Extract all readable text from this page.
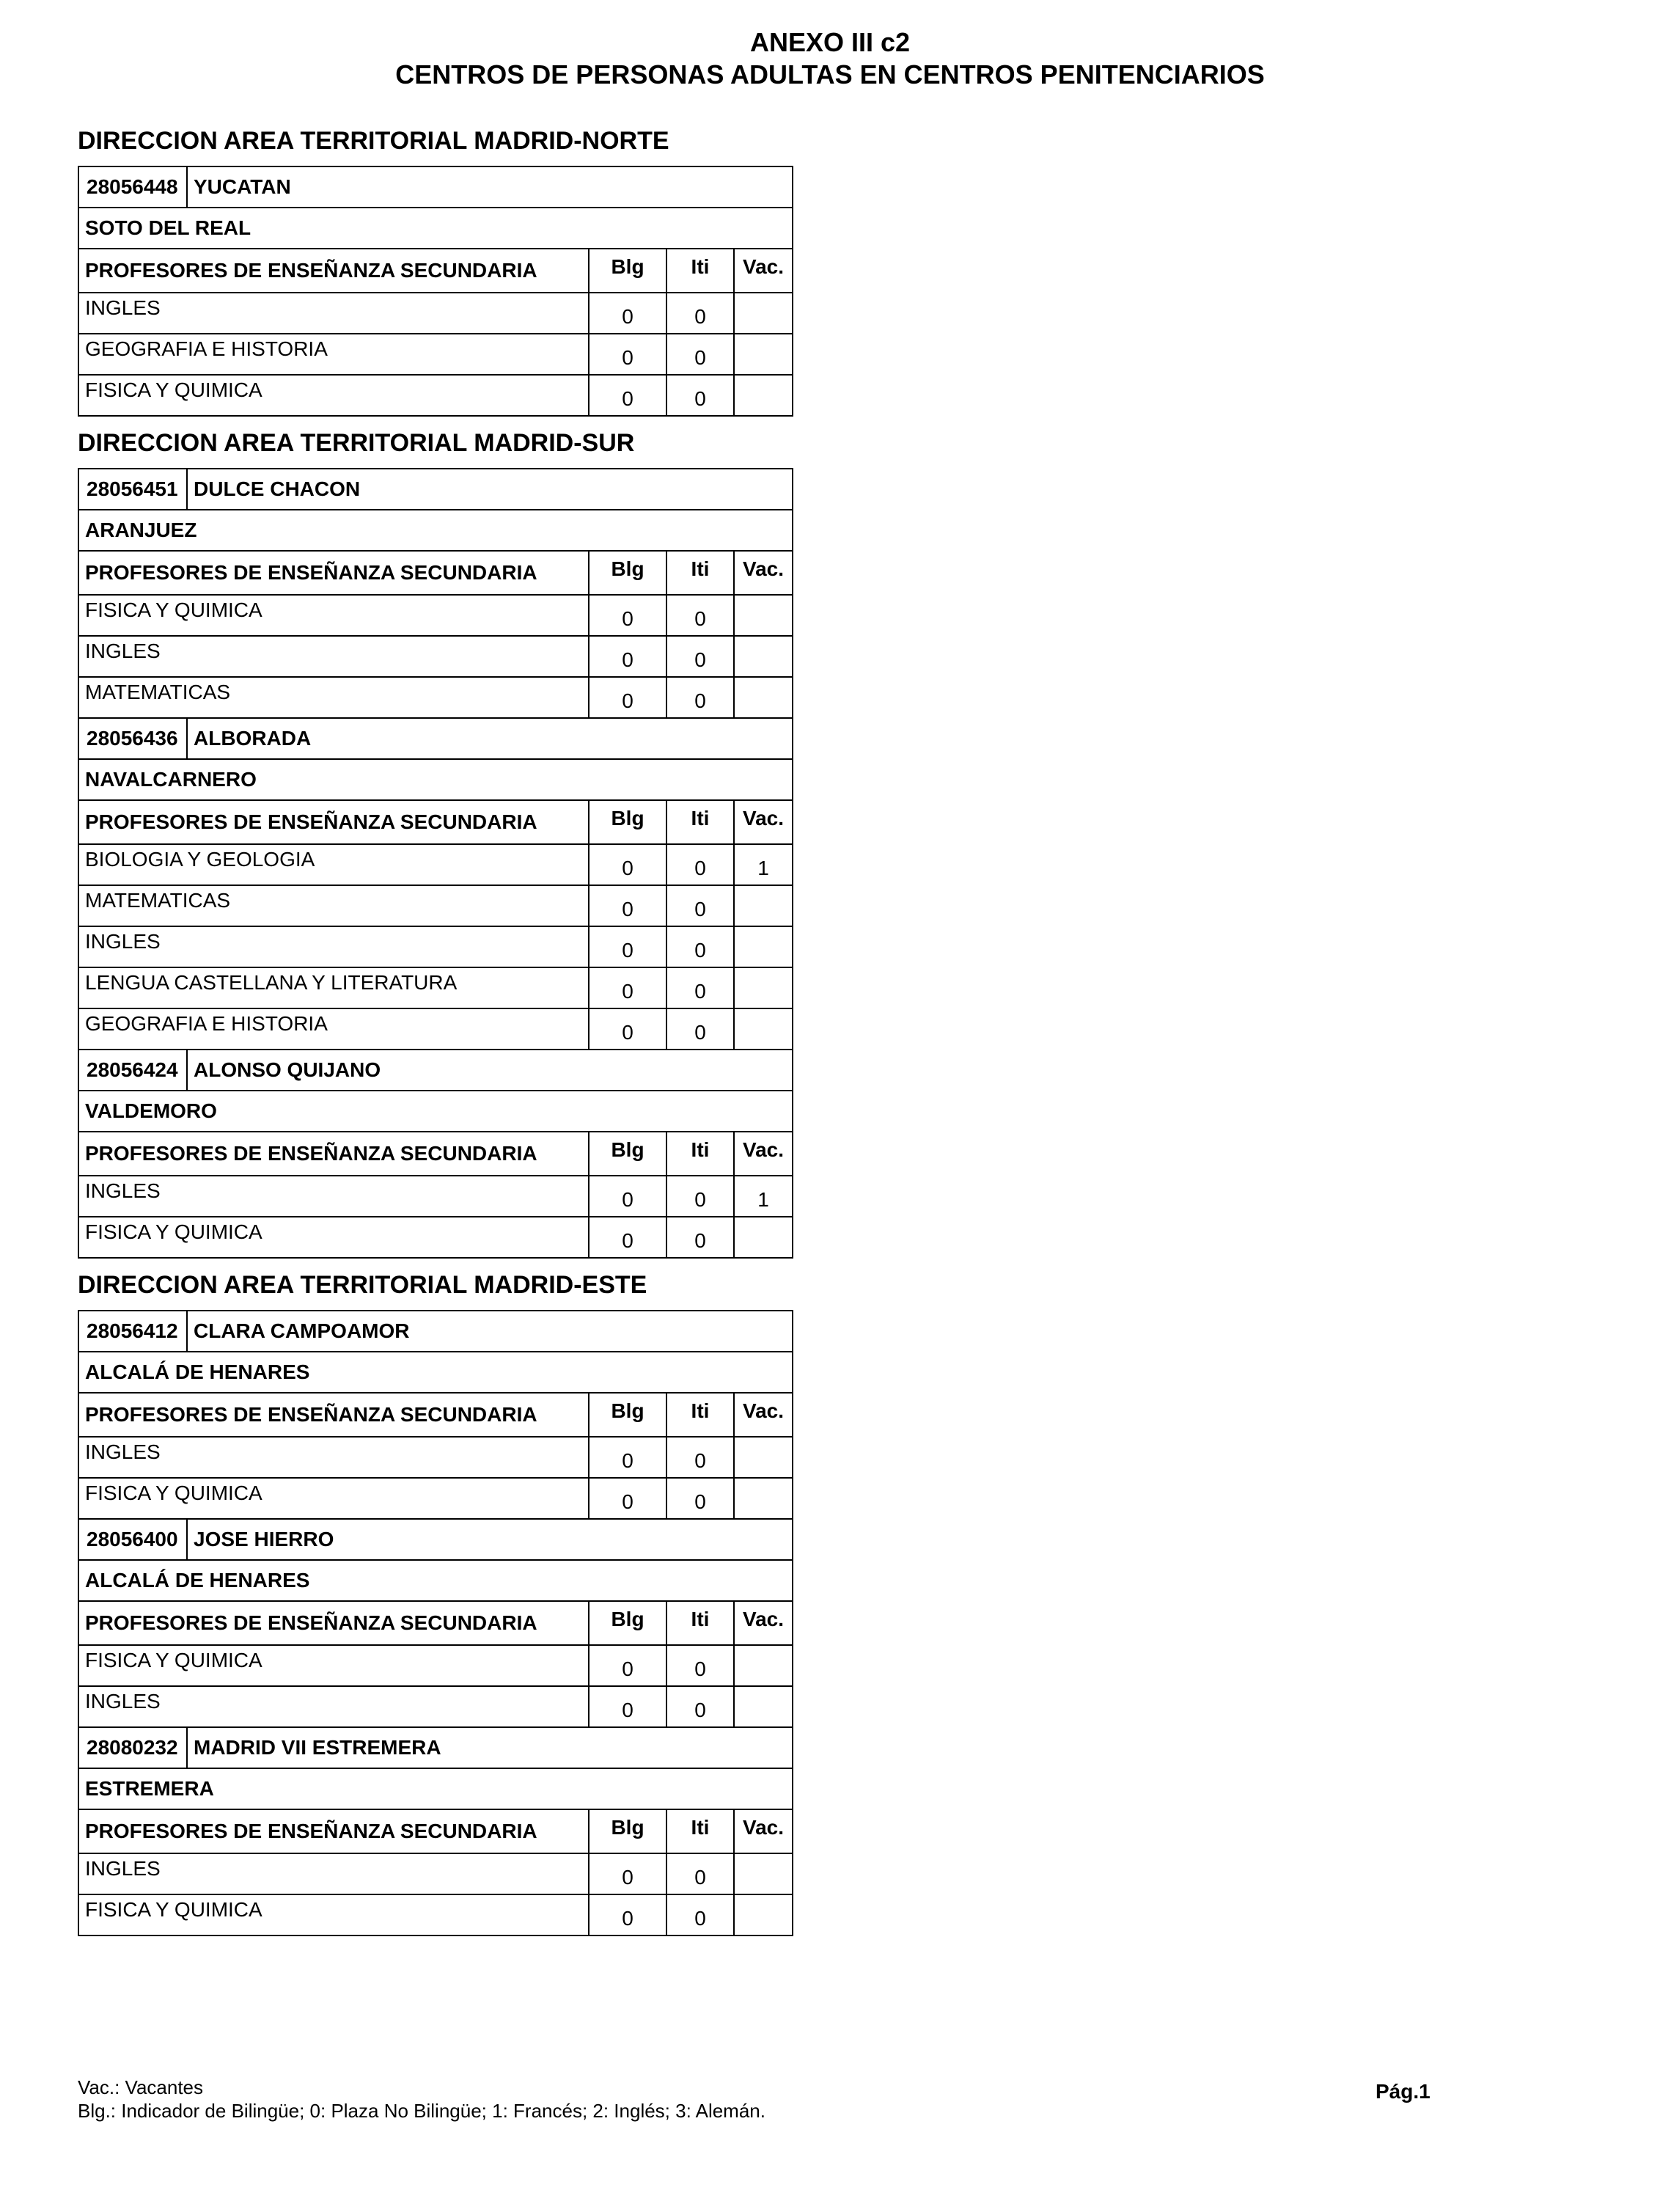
ANEXO III c2
CENTROS DE PERSONAS ADULTAS EN CENTROS PENITENCIARIOS
DIRECCION AREA TERRITORIAL MADRID-NORTE
28056448 YUCATAN
SOTO DEL REAL
PROFESORES DE ENSEÑANZA SECUNDARIA	Blg	Iti	Vac.
INGLES	0	0
GEOGRAFIA E HISTORIA	0	0
FISICA Y QUIMICA	0	0
DIRECCION AREA TERRITORIAL MADRID-SUR
28056451 DULCE CHACON
ARANJUEZ
PROFESORES DE ENSEÑANZA SECUNDARIA	Blg	Iti	Vac.
FISICA Y QUIMICA	0	0
INGLES	0	0
MATEMATICAS	0	0
28056436 ALBORADA
NAVALCARNERO
PROFESORES DE ENSEÑANZA SECUNDARIA	Blg	Iti	Vac.
BIOLOGIA Y GEOLOGIA	0	0	1
MATEMATICAS	0	0
INGLES	0	0
LENGUA CASTELLANA Y LITERATURA	0	0
GEOGRAFIA E HISTORIA	0	0
28056424 ALONSO QUIJANO
VALDEMORO
PROFESORES DE ENSEÑANZA SECUNDARIA	Blg	Iti	Vac.
INGLES	0	0	1
FISICA Y QUIMICA	0	0
DIRECCION AREA TERRITORIAL MADRID-ESTE
28056412 CLARA CAMPOAMOR
ALCALÁ DE HENARES
PROFESORES DE ENSEÑANZA SECUNDARIA	Blg	Iti	Vac.
INGLES	0	0
FISICA Y QUIMICA	0	0
28056400 JOSE HIERRO
ALCALÁ DE HENARES
PROFESORES DE ENSEÑANZA SECUNDARIA	Blg	Iti	Vac.
FISICA Y QUIMICA	0	0
INGLES	0	0
28080232 MADRID VII ESTREMERA
ESTREMERA
PROFESORES DE ENSEÑANZA SECUNDARIA	Blg	Iti	Vac.
INGLES	0	0
FISICA Y QUIMICA	0	0
Vac.: Vacantes
Blg.: Indicador de Bilingüe; 0: Plaza No Bilingüe; 1: Francés; 2: Inglés; 3: Alemán.
Pág.1
